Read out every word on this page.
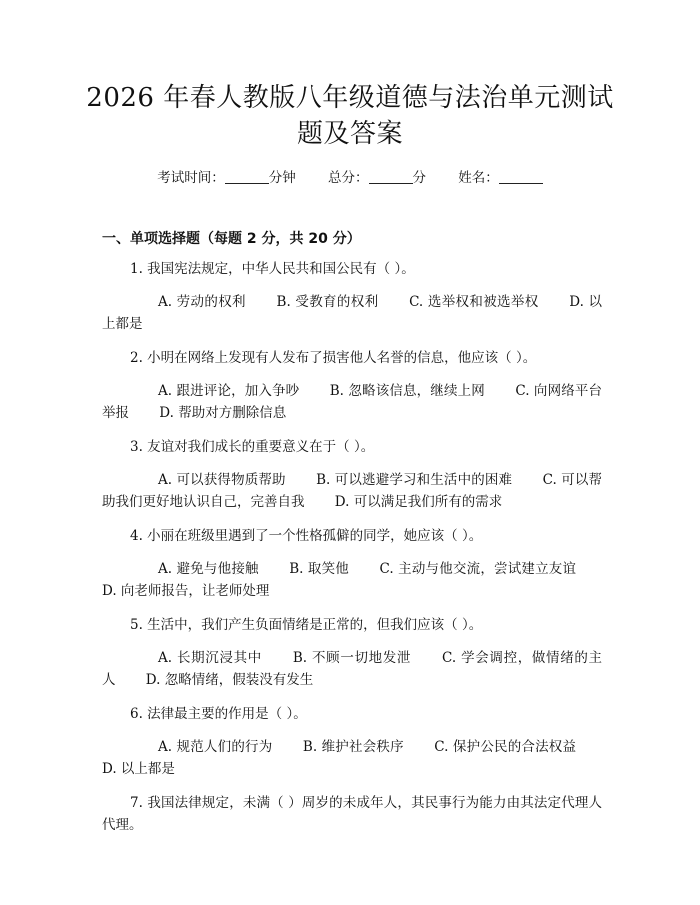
2026 年春人教版八年级道德与法治单元测试
题及答案
考试时间：	分钟 总分：	分 姓名：
一、单项选择题（每题 2 分，共 20 分）

1. 我国宪法规定，中华人民共和国公民有（ ）。

A. 劳动的权利 B. 受教育的权利 C. 选举权和被选举权 D. 以上都是

2. 小明在网络上发现有人发布了损害他人名誉的信息，他应该（ ）。

A. 跟进评论，加入争吵 B. 忽略该信息，继续上网 C. 向网络平台举报 D. 帮助对方删除信息

3. 友谊对我们成长的重要意义在于（ ）。

A. 可以获得物质帮助 B. 可以逃避学习和生活中的困难 C. 可以帮助我们更好地认识自己，完善自我 D. 可以满足我们所有的需求

4. 小丽在班级里遇到了一个性格孤僻的同学，她应该（ ）。

A. 避免与他接触 B. 取笑他 C. 主动与他交流，尝试建立友谊 D. 向老师报告，让老师处理

5. 生活中，我们产生负面情绪是正常的，但我们应该（ ）。

A. 长期沉浸其中 B. 不顾一切地发泄 C. 学会调控，做情绪的主人 D. 忽略情绪，假装没有发生

6. 法律最主要的作用是（ ）。

A. 规范人们的行为 B. 维护社会秩序 C. 保护公民的合法权益 D. 以上都是

7. 我国法律规定，未满（ ）周岁的未成年人，其民事行为能力由其法定代理人代理。
